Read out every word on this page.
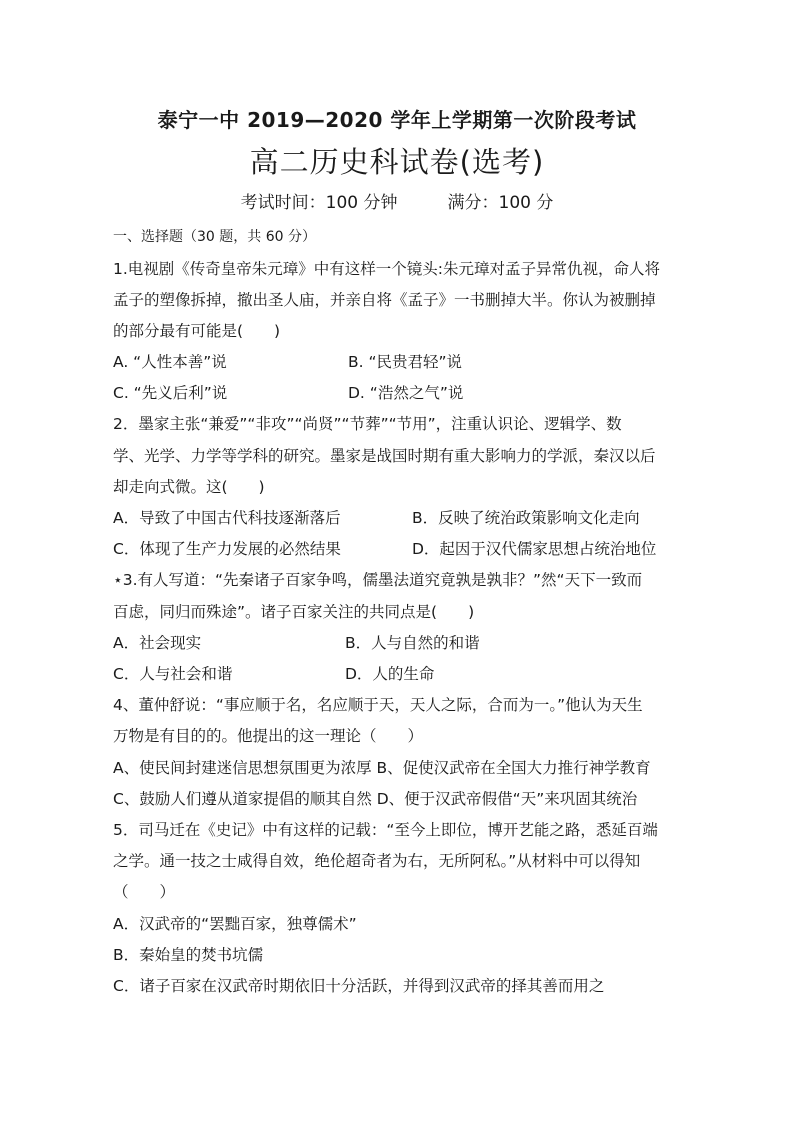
泰宁一中 2019—2020 学年上学期第一次阶段考试
高二历史科试卷(选考)
考试时间：100 分钟	满分：100 分
一、选择题（30 题，共 60 分）
1.电视剧《传奇皇帝朱元璋》中有这样一个镜头:朱元璋对孟子异常仇视，命人将
孟子的塑像拆掉，撤出圣人庙，并亲自将《孟子》一书删掉大半。你认为被删掉
的部分最有可能是(　　)
A. “人性本善”说	B. “民贵君轻”说
C. “先义后利”说	D. “浩然之气”说
2．墨家主张“兼爱”“非攻”“尚贤”“节葬”“节用”，注重认识论、逻辑学、数
学、光学、力学等学科的研究。墨家是战国时期有重大影响力的学派，秦汉以后
却走向式微。这(　　)
A．导致了中国古代科技逐渐落后	B．反映了统治政策影响文化走向
C．体现了生产力发展的必然结果	D．起因于汉代儒家思想占统治地位
⋆3.有人写道：“先秦诸子百家争鸣，儒墨法道究竟孰是孰非？”然“天下一致而
百虑，同归而殊途”。诸子百家关注的共同点是(　　)
A．社会现实	B．人与自然的和谐
C．人与社会和谐	D．人的生命
4、董仲舒说：“事应顺于名，名应顺于天，天人之际，合而为一。”他认为天生
万物是有目的的。他提出的这一理论（　　）
A、使民间封建迷信思想氛围更为浓厚 B、促使汉武帝在全国大力推行神学教育
C、鼓励人们遵从道家提倡的顺其自然 D、便于汉武帝假借“天”来巩固其统治
5．司马迁在《史记》中有这样的记载：“至今上即位，博开艺能之路，悉延百端
之学。通一技之士咸得自效，绝伦超奇者为右，无所阿私。”从材料中可以得知
（　　）
A．汉武帝的“罢黜百家，独尊儒术”
B．秦始皇的焚书坑儒
C．诸子百家在汉武帝时期依旧十分活跃，并得到汉武帝的择其善而用之
